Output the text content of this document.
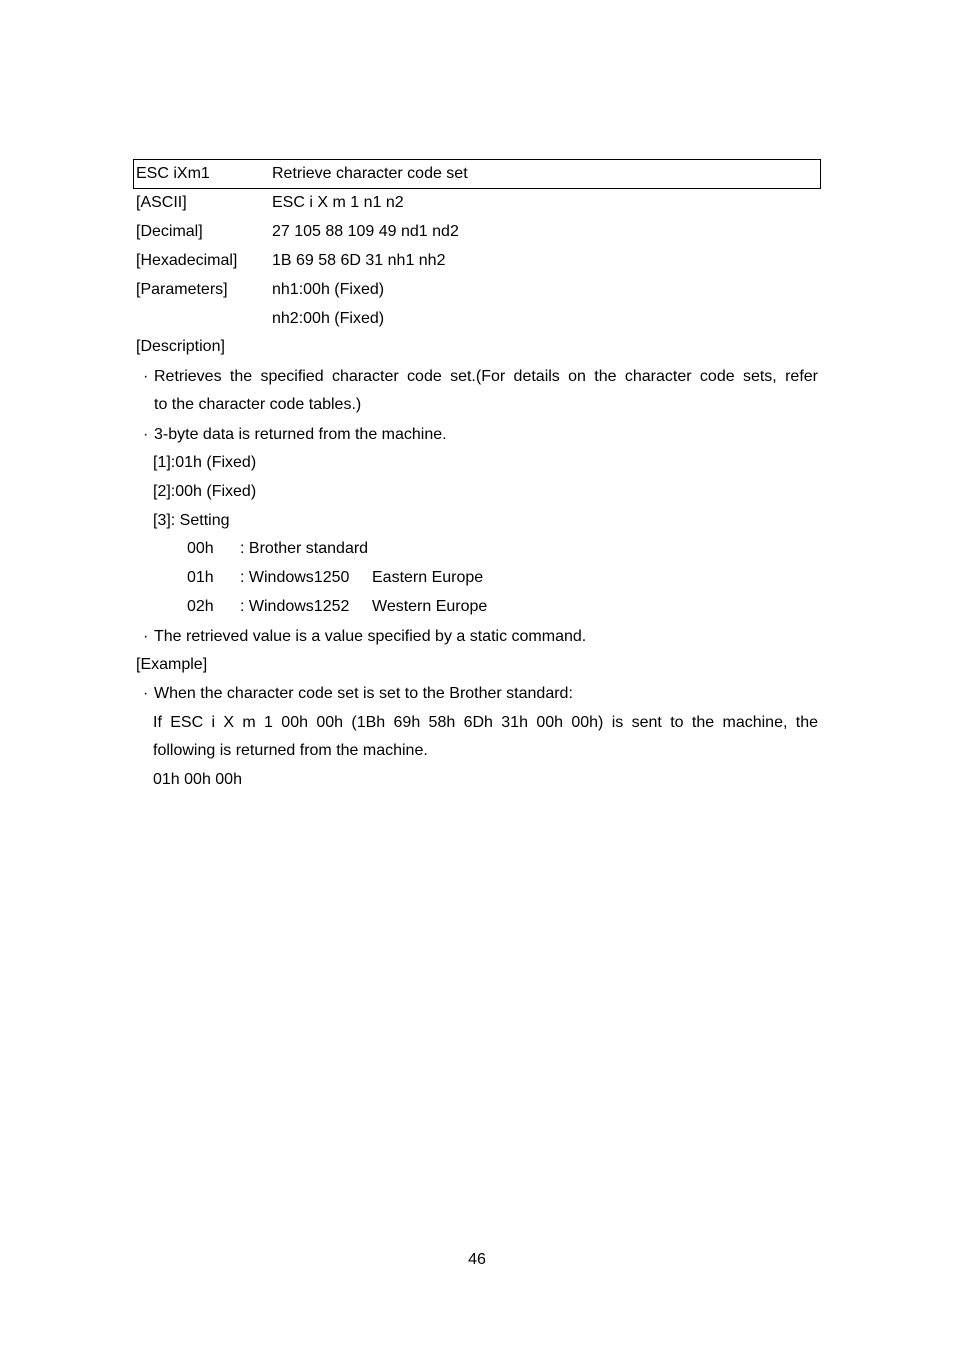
ESC iXm1	Retrieve character code set
[ASCII]	ESC i X m 1 n1 n2
[Decimal]	27 105 88 109 49 nd1 nd2
[Hexadecimal] 1B 69 58 6D 31 nh1 nh2
[Parameters]	nh1:00h (Fixed)
nh2:00h (Fixed)
[Description]
· Retrieves the specified character code set.(For details on the character code sets, refer
to the character code tables.)
· 3-byte data is returned from the machine.
[1]:01h (Fixed)
[2]:00h (Fixed)
[3]: Setting
00h : Brother standard
01h : Windows1250 Eastern Europe
02h : Windows1252 Western Europe
· The retrieved value is a value specified by a static command.
[Example]
· When the character code set is set to the Brother standard:
If ESC i X m 1 00h 00h (1Bh 69h 58h 6Dh 31h 00h 00h) is sent to the machine, the
following is returned from the machine.
01h 00h 00h
46
